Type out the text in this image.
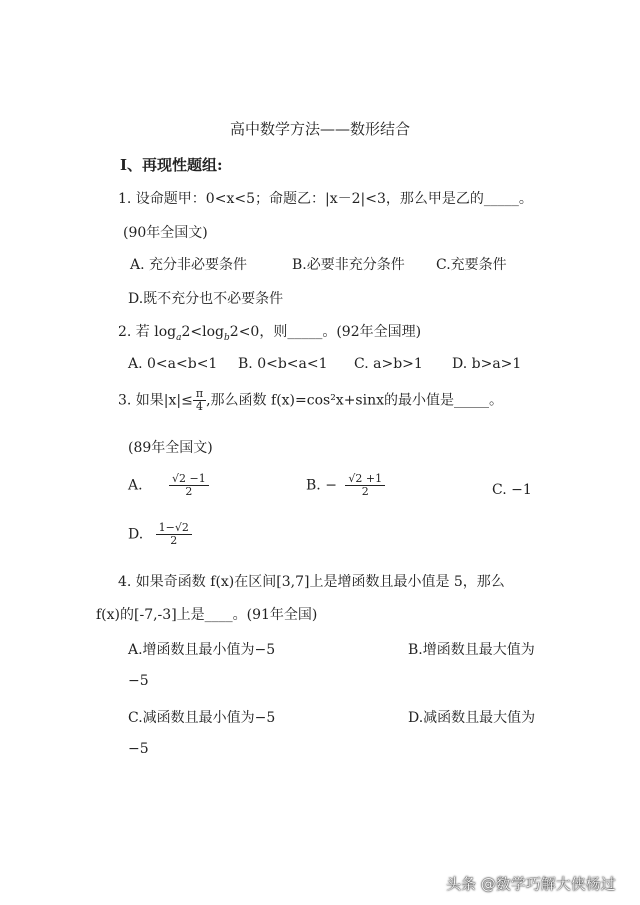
高中数学方法——数形结合
Ⅰ、再现性题组:
1. 设命题甲：0<x<5；命题乙：|x－2|<3，那么甲是乙的_____。
(90年全国文)
A. 充分非必要条件	B.必要非充分条件 C.充要条件
D.既不充分也不必要条件
2. 若 $\log_a2<\log_b2<0$，则_____。(92年全国理)
A. 0<a<b<1 B. 0<b<a<1 C. a>b>1 D. b>a>1
3. 如果$|x|\le \frac{\pi}{4}$ ,那么函数 f(x)=cos²x+sinx的最小值是_____。
(89年全国文)
A. $\frac{√2 -1}{2}$	B. − $\frac{√2 +1}{2}$	C. −1
D. $\frac{1-√2}{2}$
4. 如果奇函数 f(x)在区间[3,7]上是增函数且最小值是 5，那么
f(x)的[-7,-3]上是____。(91年全国)
A.增函数且最小值为−5	B.增函数且最大值为
−5
C.减函数且最小值为−5	D.减函数且最大值为
−5
头条 @数学巧解大侠杨过
